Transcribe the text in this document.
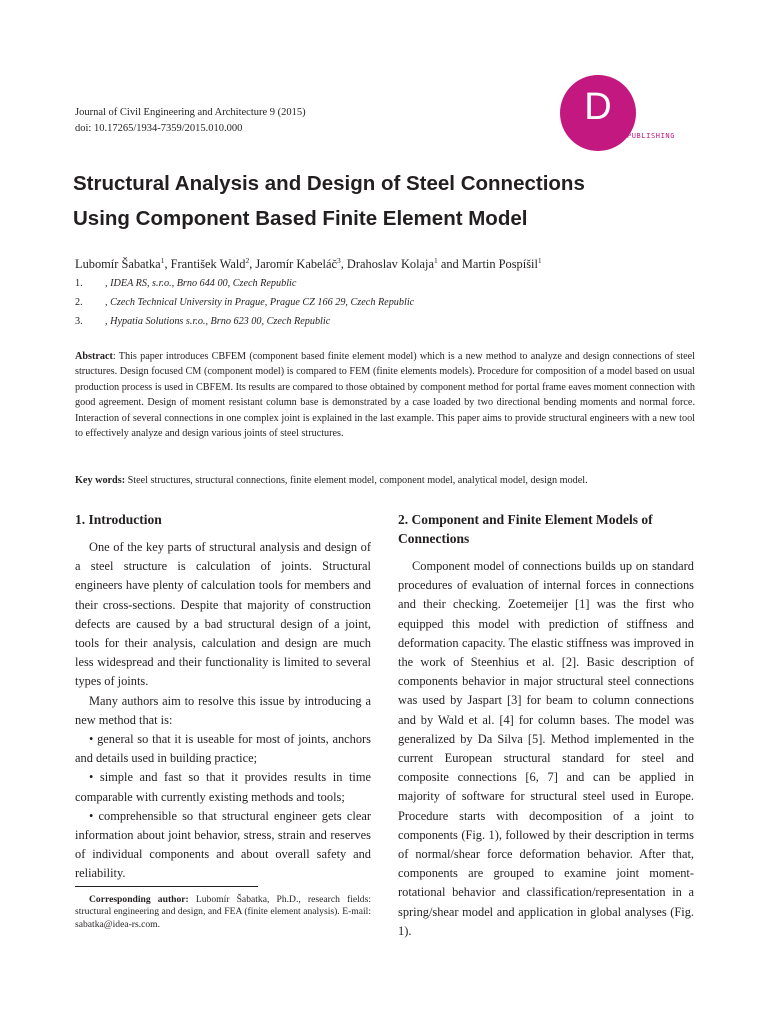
Journal of Civil Engineering and Architecture 9 (2015)
doi: 10.17265/1934-7359/2015.010.000
D
DAVID PUBLISHING
Structural Analysis and Design of Steel Connections
Using Component Based Finite Element Model
Lubomír Šabatka$^1$, František Wald$^2$, Jaromír Kabeláč$^3$, Drahoslav Kolaja$^1$ and Martin Pospíšil$^1$
1. , IDEA RS, s.r.o., Brno 644 00, Czech Republic
2. , Czech Technical University in Prague, Prague CZ 166 29, Czech Republic
3. , Hypatia Solutions s.r.o., Brno 623 00, Czech Republic
Abstract: This paper introduces CBFEM (component based finite element model) which is a new method to analyze and design connections of steel structures. Design focused CM (component model) is compared to FEM (finite elements models). Procedure for composition of a model based on usual production process is used in CBFEM. Its results are compared to those obtained by component method for portal frame eaves moment connection with good agreement. Design of moment resistant column base is demonstrated by a case loaded by two directional bending moments and normal force. Interaction of several connections in one complex joint is explained in the last example. This paper aims to provide structural engineers with a new tool to effectively analyze and design various joints of steel structures.
Key words: Steel structures, structural connections, finite element model, component model, analytical model, design model.
1. Introduction

One of the key parts of structural analysis and design of a steel structure is calculation of joints. Structural engineers have plenty of calculation tools for members and their cross-sections. Despite that majority of construction defects are caused by a bad structural design of a joint, tools for their analysis, calculation and design are much less widespread and their functionality is limited to several types of joints.

Many authors aim to resolve this issue by introducing a new method that is:

• general so that it is useable for most of joints, anchors and details used in building practice;

• simple and fast so that it provides results in time comparable with currently existing methods and tools;

• comprehensible so that structural engineer gets clear information about joint behavior, stress, strain and reserves of individual components and about overall safety and reliability.

Corresponding author: Lubomír Šabatka, Ph.D., research fields: structural engineering and design, and FEA (finite element analysis). E-mail: sabatka@idea-rs.com.
2. Component and Finite Element Models of Connections

Component model of connections builds up on standard procedures of evaluation of internal forces in connections and their checking. Zoetemeijer [1] was the first who equipped this model with prediction of stiffness and deformation capacity. The elastic stiffness was improved in the work of Steenhius et al. [2]. Basic description of components behavior in major structural steel connections was used by Jaspart [3] for beam to column connections and by Wald et al. [4] for column bases. The model was generalized by Da Silva [5]. Method implemented in the current European structural standard for steel and composite connections [6, 7] and can be applied in majority of software for structural steel used in Europe. Procedure starts with decomposition of a joint to components (Fig. 1), followed by their description in terms of normal/shear force deformation behavior. After that, components are grouped to examine joint moment-rotational behavior and classification/representation in a spring/shear model and application in global analyses (Fig. 1).
